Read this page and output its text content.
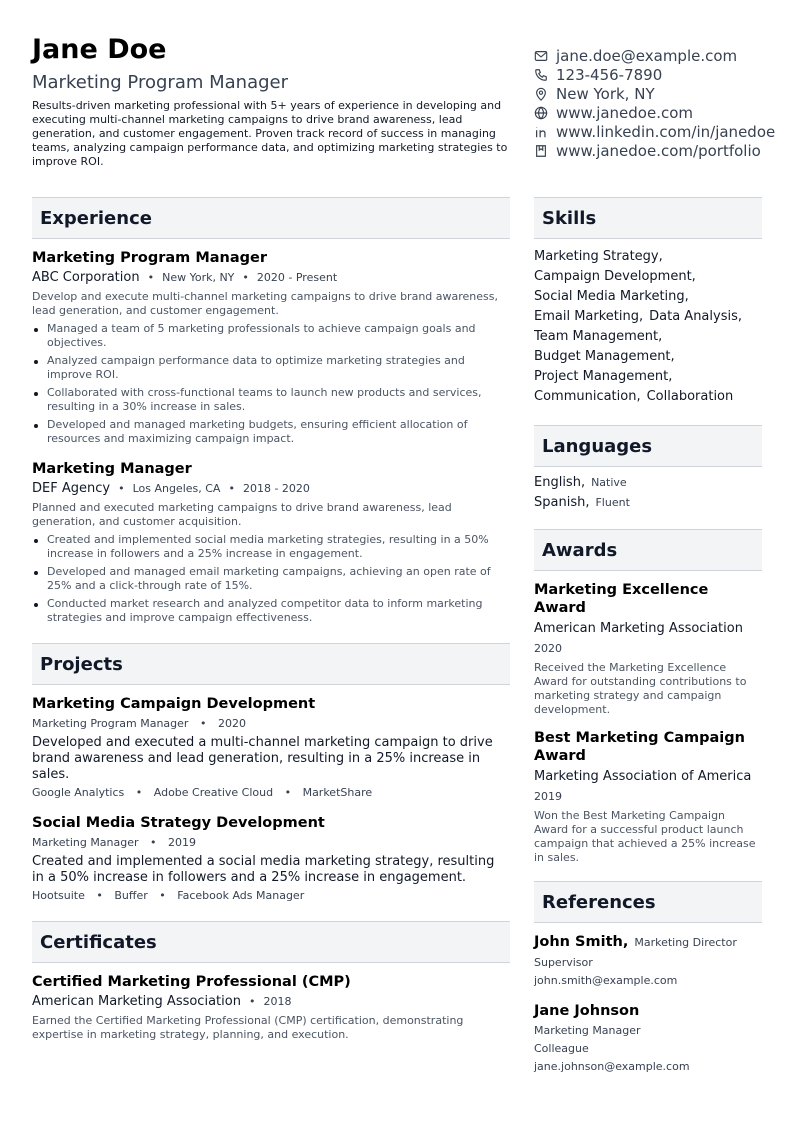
Jane Doe
Marketing Program Manager
Results-driven marketing professional with 5+ years of experience in developing and executing multi-channel marketing campaigns to drive brand awareness, lead generation, and customer engagement. Proven track record of success in managing teams, analyzing campaign performance data, and optimizing marketing strategies to improve ROI.
jane.doe@example.com
123-456-7890
New York, NY
www.janedoe.com
www.linkedin.com/in/janedoe
www.janedoe.com/portfolio
Experience
Marketing Program Manager
ABC Corporation • New York, NY • 2020 - Present
Develop and execute multi-channel marketing campaigns to drive brand awareness, lead generation, and customer engagement.
Managed a team of 5 marketing professionals to achieve campaign goals and objectives.
Analyzed campaign performance data to optimize marketing strategies and improve ROI.
Collaborated with cross-functional teams to launch new products and services, resulting in a 30% increase in sales.
Developed and managed marketing budgets, ensuring efficient allocation of resources and maximizing campaign impact.
Marketing Manager
DEF Agency • Los Angeles, CA • 2018 - 2020
Planned and executed marketing campaigns to drive brand awareness, lead generation, and customer acquisition.
Created and implemented social media marketing strategies, resulting in a 50% increase in followers and a 25% increase in engagement.
Developed and managed email marketing campaigns, achieving an open rate of 25% and a click-through rate of 15%.
Conducted market research and analyzed competitor data to inform marketing strategies and improve campaign effectiveness.
Projects
Marketing Campaign Development
Marketing Program Manager • 2020
Developed and executed a multi-channel marketing campaign to drive brand awareness and lead generation, resulting in a 25% increase in sales.
Google Analytics • Adobe Creative Cloud • MarketShare
Social Media Strategy Development
Marketing Manager • 2019
Created and implemented a social media marketing strategy, resulting in a 50% increase in followers and a 25% increase in engagement.
Hootsuite • Buffer • Facebook Ads Manager
Certificates
Certified Marketing Professional (CMP)
American Marketing Association • 2018
Earned the Certified Marketing Professional (CMP) certification, demonstrating expertise in marketing strategy, planning, and execution.
Skills
Marketing Strategy,
Campaign Development,
Social Media Marketing,
Email Marketing, Data Analysis,
Team Management,
Budget Management,
Project Management,
Communication, Collaboration
Languages
English, Native
Spanish, Fluent
Awards
Marketing Excellence Award
American Marketing Association
2020
Received the Marketing Excellence Award for outstanding contributions to marketing strategy and campaign development.
Best Marketing Campaign Award
Marketing Association of America
2019
Won the Best Marketing Campaign Award for a successful product launch campaign that achieved a 25% increase in sales.
References
John Smith, Marketing Director
Supervisor
john.smith@example.com
Jane Johnson
Marketing Manager
Colleague
jane.johnson@example.com
